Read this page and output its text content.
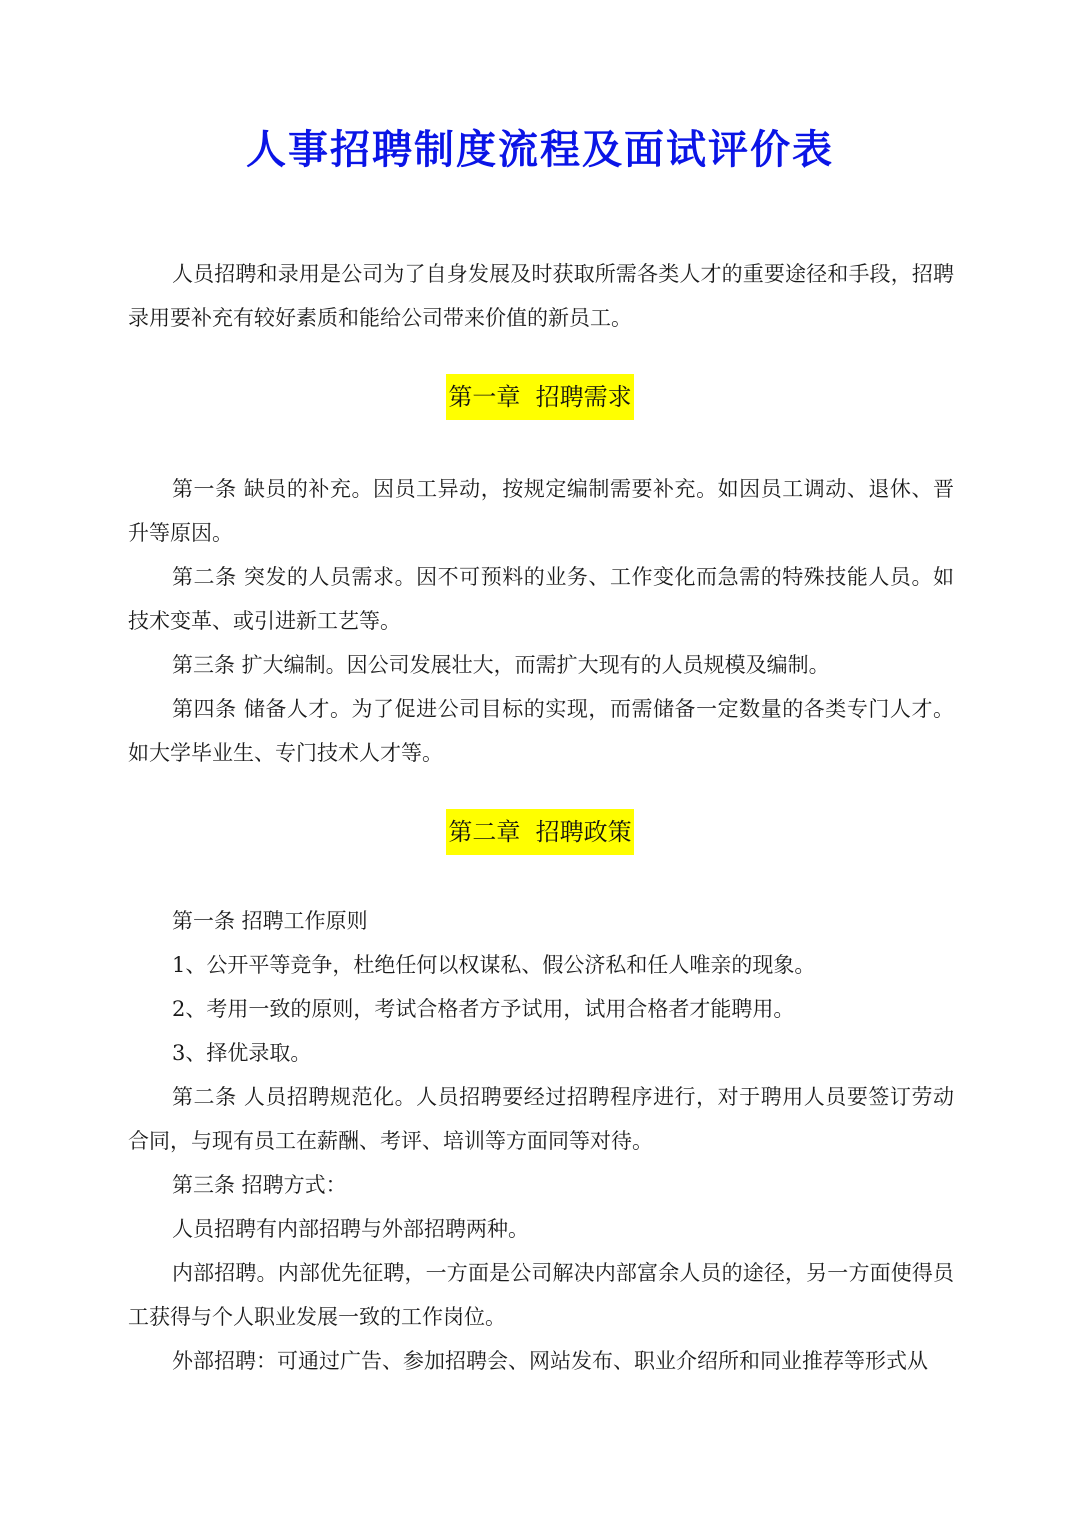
人事招聘制度流程及面试评价表

人员招聘和录用是公司为了自身发展及时获取所需各类人才的重要途径和手段，招聘录用要补充有较好素质和能给公司带来价值的新员工。

第一章  招聘需求

第一条 缺员的补充。因员工异动，按规定编制需要补充。如因员工调动、退休、晋升等原因。

第二条 突发的人员需求。因不可预料的业务、工作变化而急需的特殊技能人员。如技术变革、或引进新工艺等。

第三条 扩大编制。因公司发展壮大，而需扩大现有的人员规模及编制。

第四条 储备人才。为了促进公司目标的实现，而需储备一定数量的各类专门人才。如大学毕业生、专门技术人才等。

第二章  招聘政策

第一条 招聘工作原则

1、公开平等竞争，杜绝任何以权谋私、假公济私和任人唯亲的现象。

2、考用一致的原则，考试合格者方予试用，试用合格者才能聘用。

3、择优录取。

第二条 人员招聘规范化。人员招聘要经过招聘程序进行，对于聘用人员要签订劳动合同，与现有员工在薪酬、考评、培训等方面同等对待。

第三条 招聘方式：

人员招聘有内部招聘与外部招聘两种。

内部招聘。内部优先征聘，一方面是公司解决内部富余人员的途径，另一方面使得员工获得与个人职业发展一致的工作岗位。

外部招聘：可通过广告、参加招聘会、网站发布、职业介绍所和同业推荐等形式从
